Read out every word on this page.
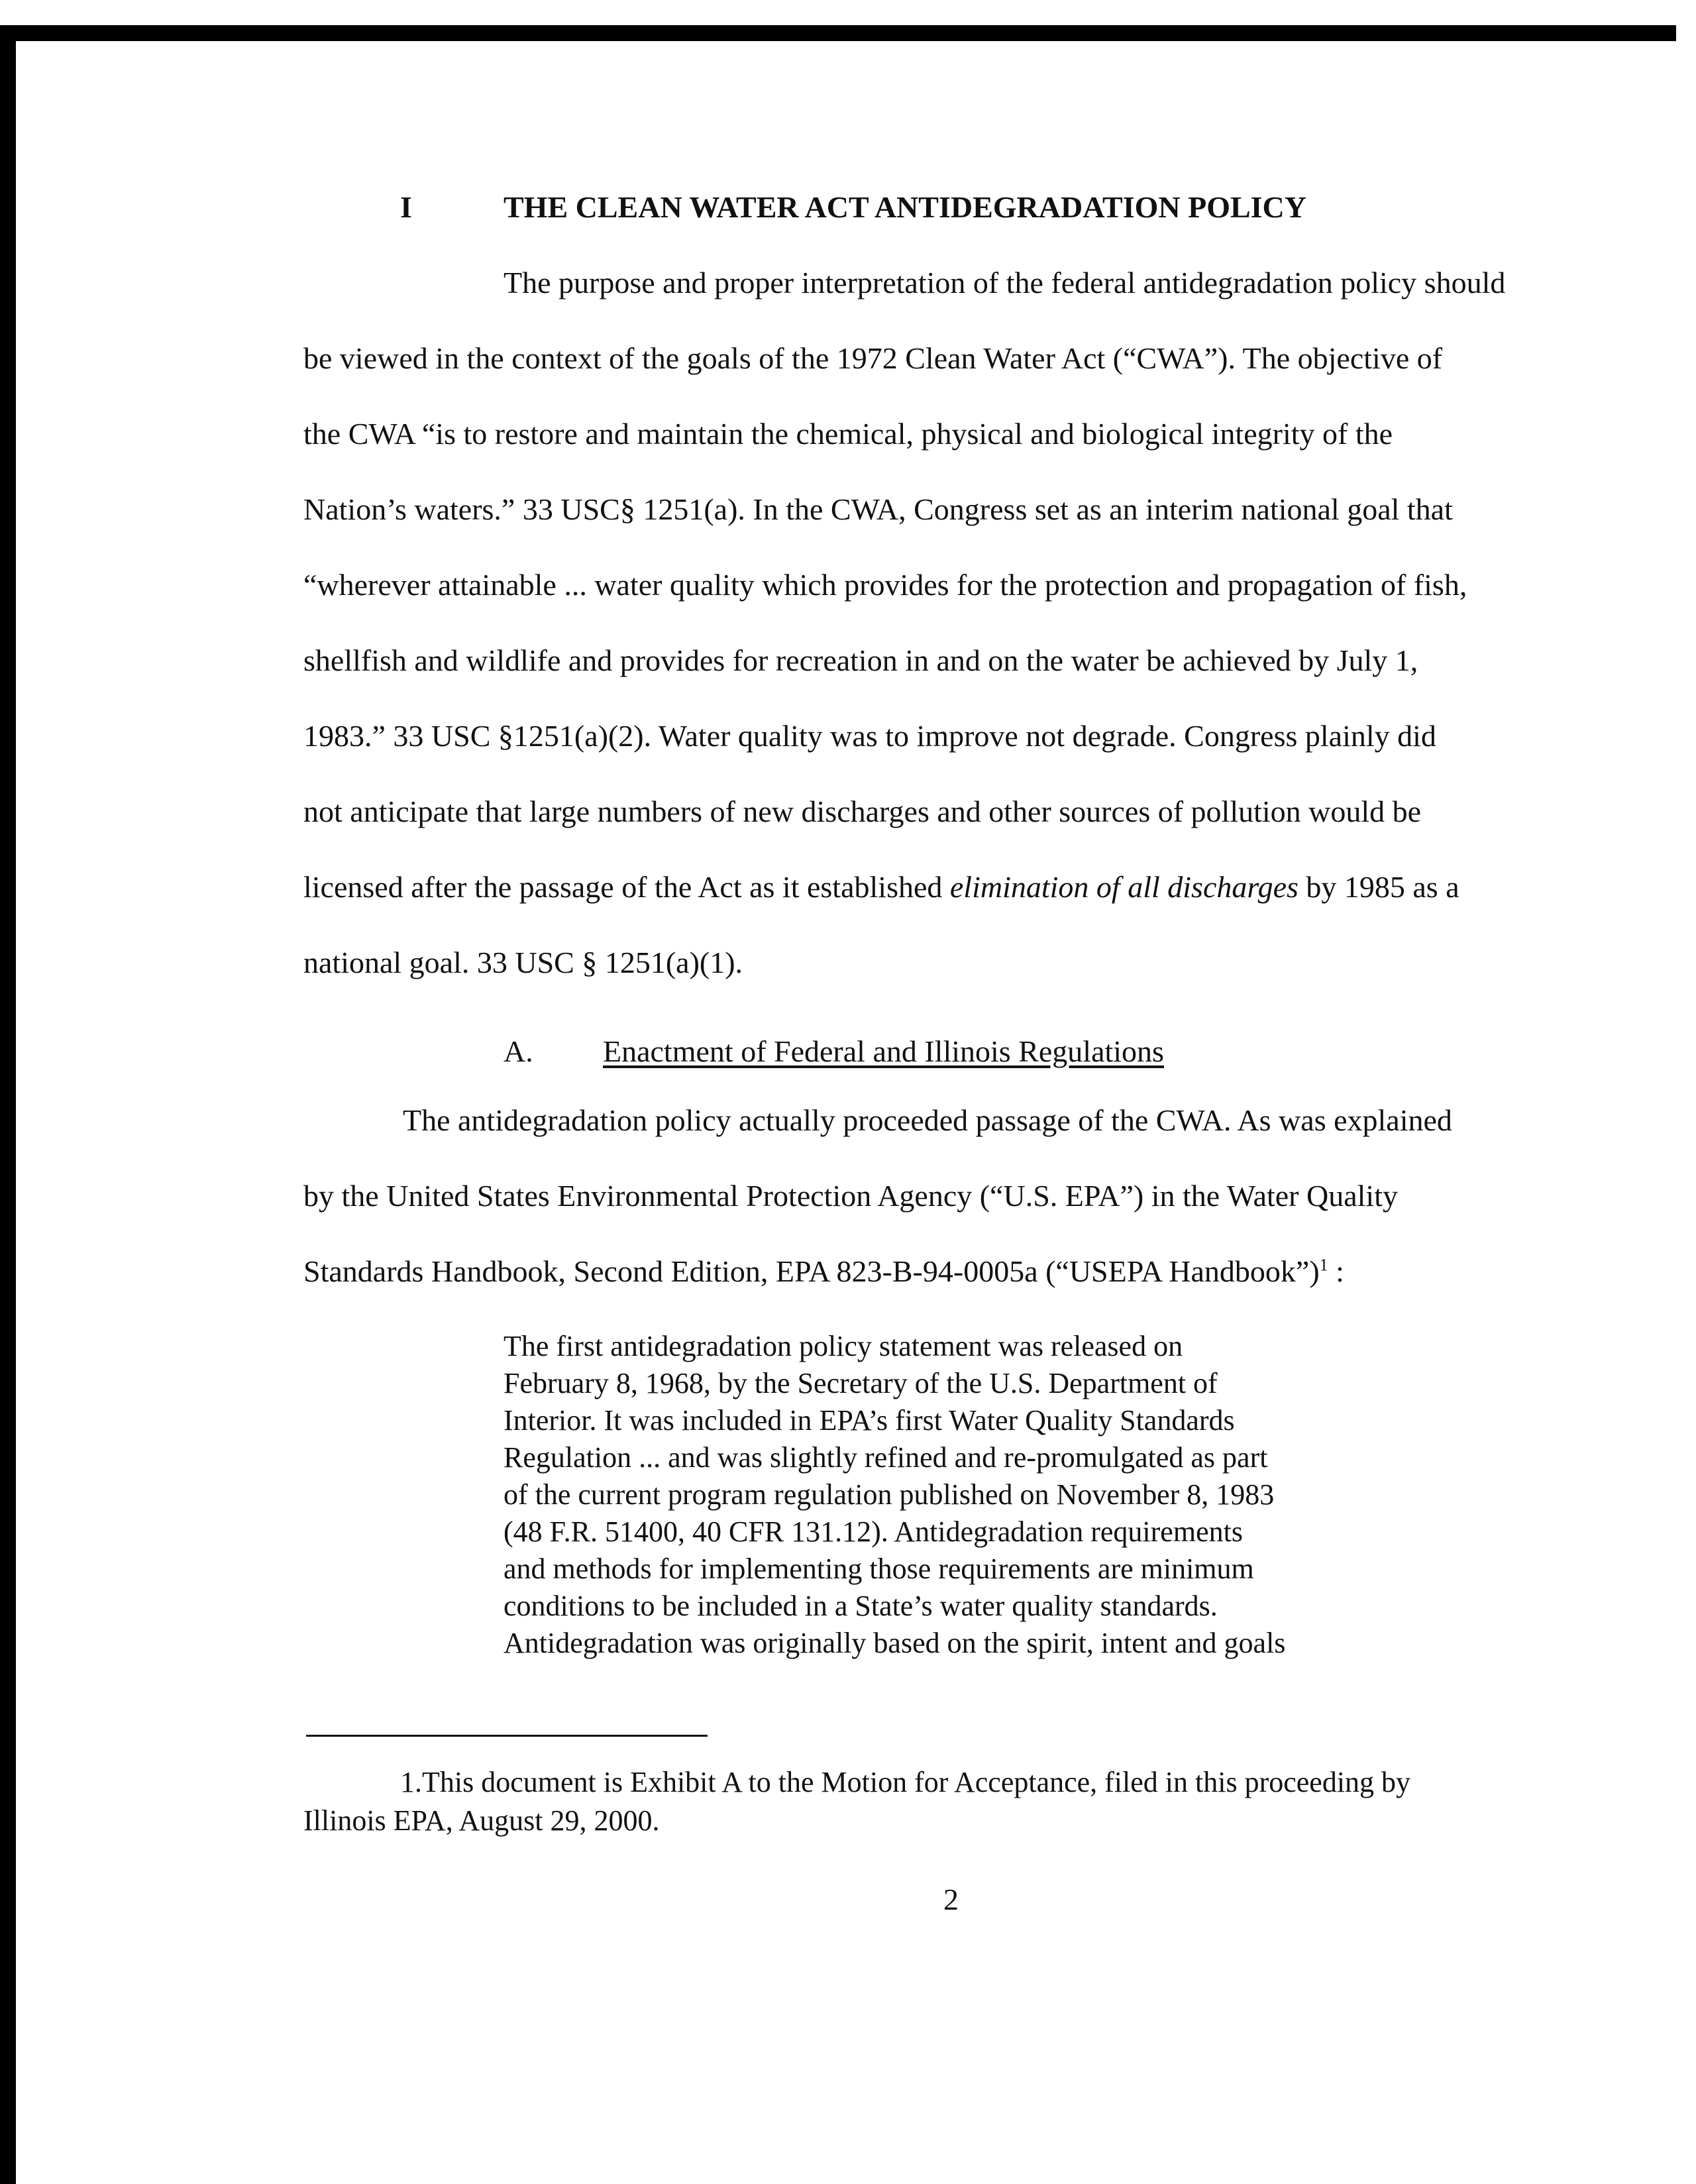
I	THE CLEAN WATER ACT ANTIDEGRADATION POLICY
The purpose and proper interpretation of the federal antidegradation policy should
be viewed in the context of the goals of the 1972 Clean Water Act (“CWA”). The objective of
the CWA “is to restore and maintain the chemical, physical and biological integrity of the
Nation’s waters.” 33 USC§ 1251(a). In the CWA, Congress set as an interim national goal that
“wherever attainable ... water quality which provides for the protection and propagation of fish,
shellfish and wildlife and provides for recreation in and on the water be achieved by July 1,
1983.” 33 USC §1251(a)(2). Water quality was to improve not degrade. Congress plainly did
not anticipate that large numbers of new discharges and other sources of pollution would be
licensed after the passage of the Act as it established elimination of all discharges by 1985 as a
national goal. 33 USC § 1251(a)(1).
A. Enactment of Federal and Illinois Regulations
The antidegradation policy actually proceeded passage of the CWA. As was explained
by the United States Environmental Protection Agency (“U.S. EPA”) in the Water Quality
Standards Handbook, Second Edition, EPA 823-B-94-0005a (“USEPA Handbook”)$^1$ :
The first antidegradation policy statement was released on
February 8, 1968, by the Secretary of the U.S. Department of
Interior. It was included in EPA’s first Water Quality Standards
Regulation ... and was slightly refined and re-promulgated as part
of the current program regulation published on November 8, 1983
(48 F.R. 51400, 40 CFR 131.12). Antidegradation requirements
and methods for implementing those requirements are minimum
conditions to be included in a State’s water quality standards.
Antidegradation was originally based on the spirit, intent and goals
1.This document is Exhibit A to the Motion for Acceptance, filed in this proceeding by
Illinois EPA, August 29, 2000.
2
